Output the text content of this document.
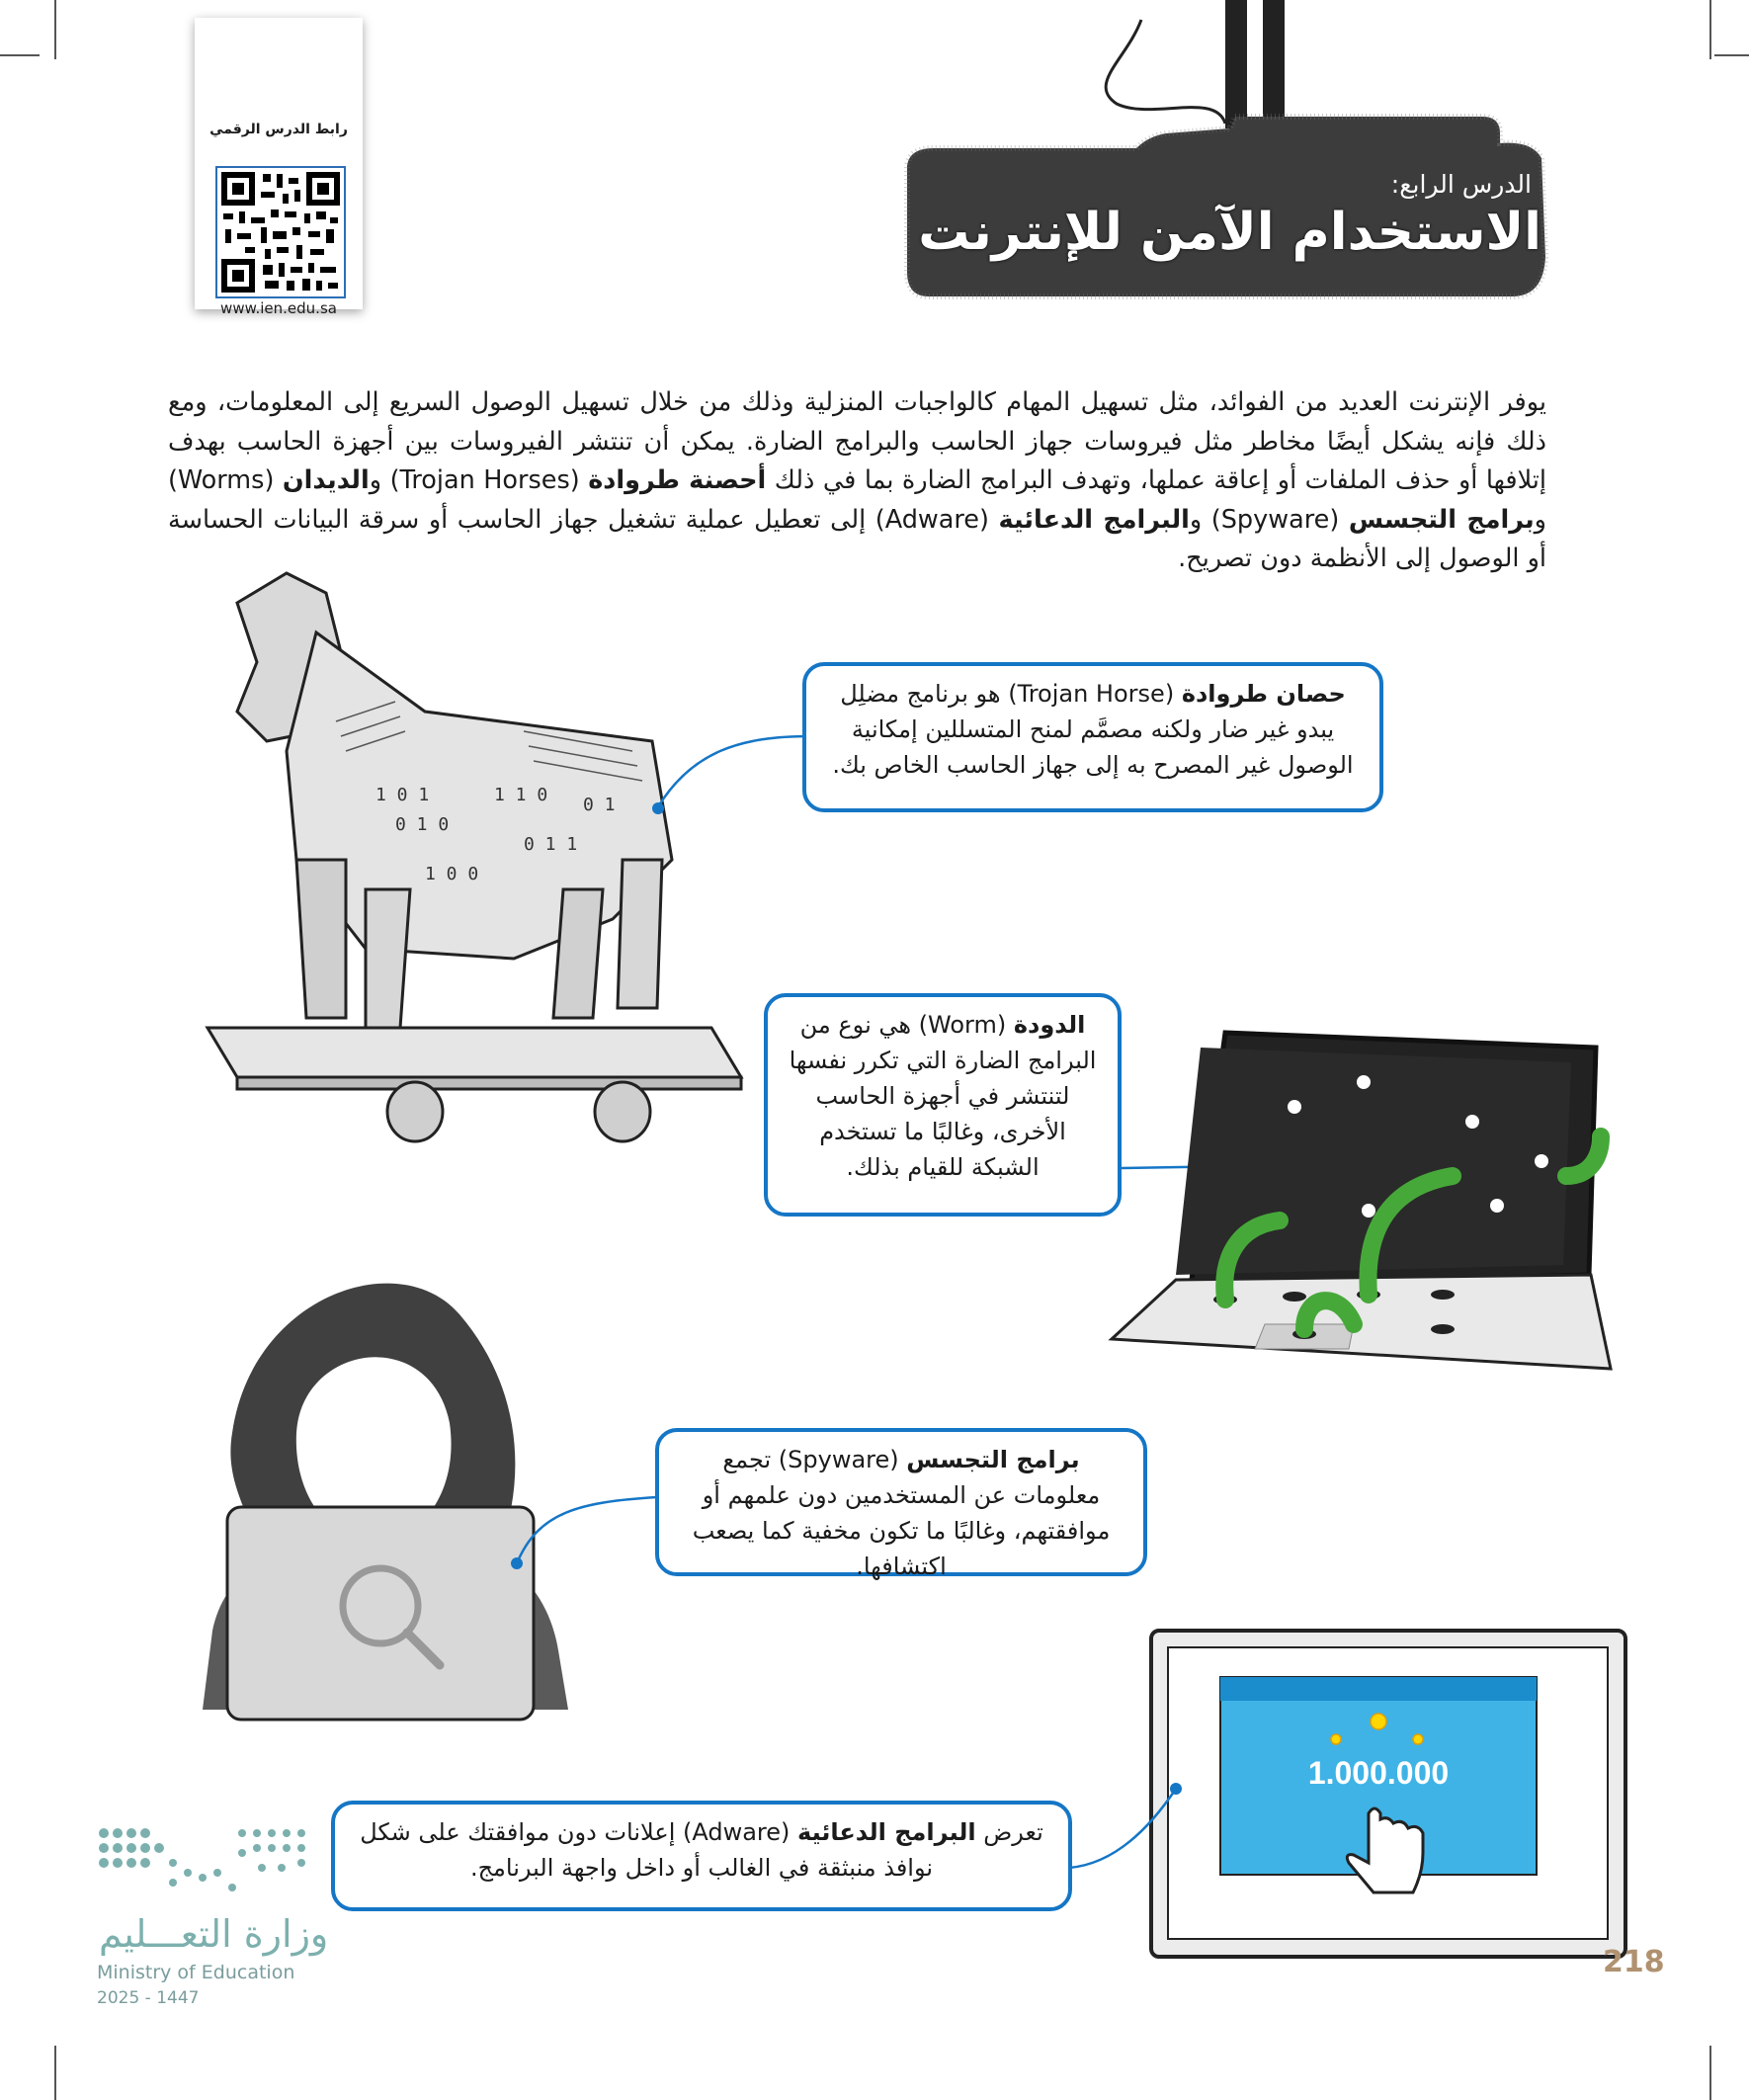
رابط الدرس الرقمي
www.ien.edu.sa
الدرس الرابع:
الاستخدام الآمن للإنترنت
يوفر الإنترنت العديد من الفوائد، مثل تسهيل المهام كالواجبات المنزلية وذلك من خلال تسهيل الوصول السريع إلى المعلومات، ومع ذلك فإنه يشكل أيضًا مخاطر مثل فيروسات جهاز الحاسب والبرامج الضارة. يمكن أن تنتشر الفيروسات بين أجهزة الحاسب بهدف إتلافها أو حذف الملفات أو إعاقة عملها، وتهدف البرامج الضارة بما في ذلك أحصنة طروادة (Trojan Horses) والديدان (Worms) وبرامج التجسس (Spyware) والبرامج الدعائية (Adware) إلى تعطيل عملية تشغيل جهاز الحاسب أو سرقة البيانات الحساسة أو الوصول إلى الأنظمة دون تصريح.
1 0 1
0 1 0
1 1 0
0 1 1
1 0 0
0 1
حصان طروادة (Trojan Horse) هو برنامج مضلِل يبدو غير ضار ولكنه مصمَّم لمنح المتسللين إمكانية الوصول غير المصرح به إلى جهاز الحاسب الخاص بك.
الدودة (Worm) هي نوع من البرامج الضارة التي تكرر نفسها لتنتشر في أجهزة الحاسب الأخرى، وغالبًا ما تستخدم الشبكة للقيام بذلك.
برامج التجسس (Spyware) تجمع معلومات عن المستخدمين دون علمهم أو موافقتهم، وغالبًا ما تكون مخفية كما يصعب اكتشافها.
1.000.000
تعرض البرامج الدعائية (Adware) إعلانات دون موافقتك على شكل نوافذ منبثقة في الغالب أو داخل واجهة البرنامج.
وزارة التعـــليم
Ministry of Education
2025 - 1447
218
